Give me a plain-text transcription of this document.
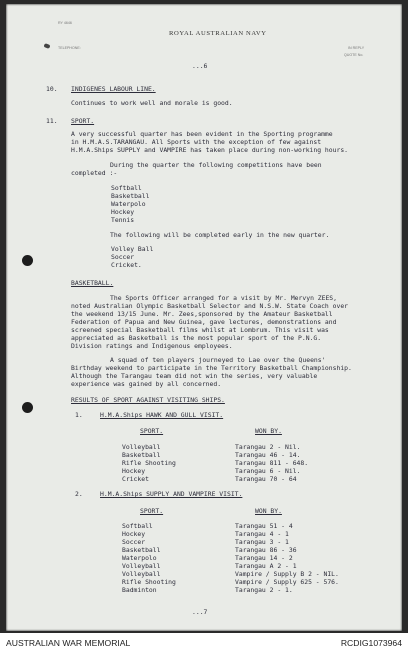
RY 4646
ROYAL AUSTRALIAN NAVY
TELEPHONE:	IN REPLY
QUOTE No.
...6
10. INDIGENES LABOUR LINE.
Continues to work well and morale is good.
11. SPORT.
A very successful quarter has been evident in the Sporting programme
in H.M.A.S.TARANGAU. All Sports with the exception of few against
H.M.A.Ships SUPPLY and VAMPIRE has taken place during non-working hours.
During the quarter the following competitions have been
completed :-
Softball
Basketball
Waterpolo
Hockey
Tennis
The following will be completed early in the new quarter.
Volley Ball
Soccer
Cricket.
BASKETBALL.
The Sports Officer arranged for a visit by Mr. Mervyn ZEES,
noted Australian Olympic Basketball Selector and N.S.W. State Coach over
the weekend 13/15 June. Mr. Zees,sponsored by the Amateur Basketball
Federation of Papua and New Guinea, gave lectures, demonstrations and
screened special Basketball films whilst at Lombrum. This visit was
appreciated as Basketball is the most popular sport of the P.N.G.
Division ratings and Indigenous employees.
A squad of ten players journeyed to Lae over the Queens'
Birthday weekend to participate in the Territory Basketball Championship.
Although the Tarangau team did not win the series, very valuable
experience was gained by all concerned.
RESULTS OF SPORT AGAINST VISITING SHIPS.
1.	H.M.A.Ships HAWK AND GULL VISIT.
SPORT.	WON BY.
Volleyball	Tarangau 2 - Nil.
Basketball	Tarangau 46 - 14.
Rifle Shooting	Tarangau 811 - 648.
Hockey	Tarangau 6 - Nil.
Cricket	Tarangau 70 - 64
2.	H.M.A.Ships SUPPLY AND VAMPIRE VISIT.
SPORT.	WON BY.
Softball	Tarangau 51 - 4
Hockey	Tarangau 4 - 1
Soccer	Tarangau 3 - 1
Basketball	Tarangau 86 - 36
Waterpolo	Tarangau 14 - 2
Volleyball	Tarangau A 2 - 1
Volleyball	Vampire / Supply B 2 - NIL.
Rifle Shooting	Vampire / Supply 625 - 576.
Badminton	Tarangau 2 - 1.
...7
AUSTRALIAN WAR MEMORIAL	RCDIG1073964
